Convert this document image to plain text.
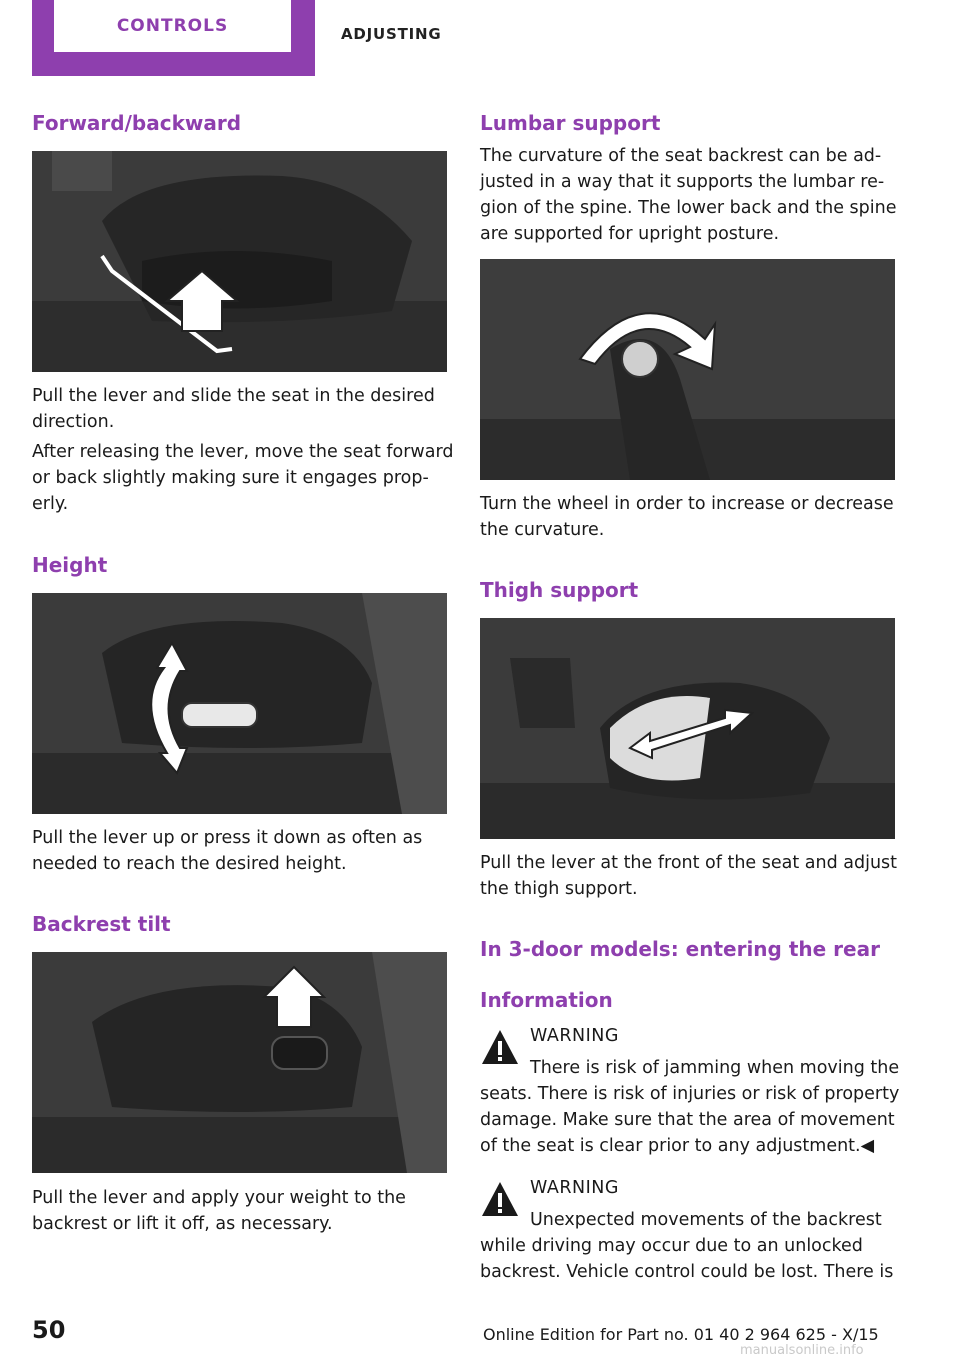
CONTROLS	ADJUSTING
Forward/backward

Pull the lever and slide the seat in the desired
direction.

After releasing the lever, move the seat forward
or back slightly making sure it engages prop‐
erly.

Height

Pull the lever up or press it down as often as
needed to reach the desired height.

Backrest tilt

Pull the lever and apply your weight to the
backrest or lift it off, as necessary.

Lumbar support

The curvature of the seat backrest can be ad‐
justed in a way that it supports the lumbar re‐
gion of the spine. The lower back and the spine
are supported for upright posture.

Turn the wheel in order to increase or decrease
the curvature.

Thigh support

Pull the lever at the front of the seat and adjust
the thigh support.

In 3-door models: entering the rear
Information
WARNING

There is risk of jamming when moving the
seats. There is risk of injuries or risk of property
damage. Make sure that the area of movement
of the seat is clear prior to any adjustment.◀

WARNING

Unexpected movements of the backrest
while driving may occur due to an unlocked
backrest. Vehicle control could be lost. There is

50	Online Edition for Part no. 01 40 2 964 625 - X/15
manualsonline.info
